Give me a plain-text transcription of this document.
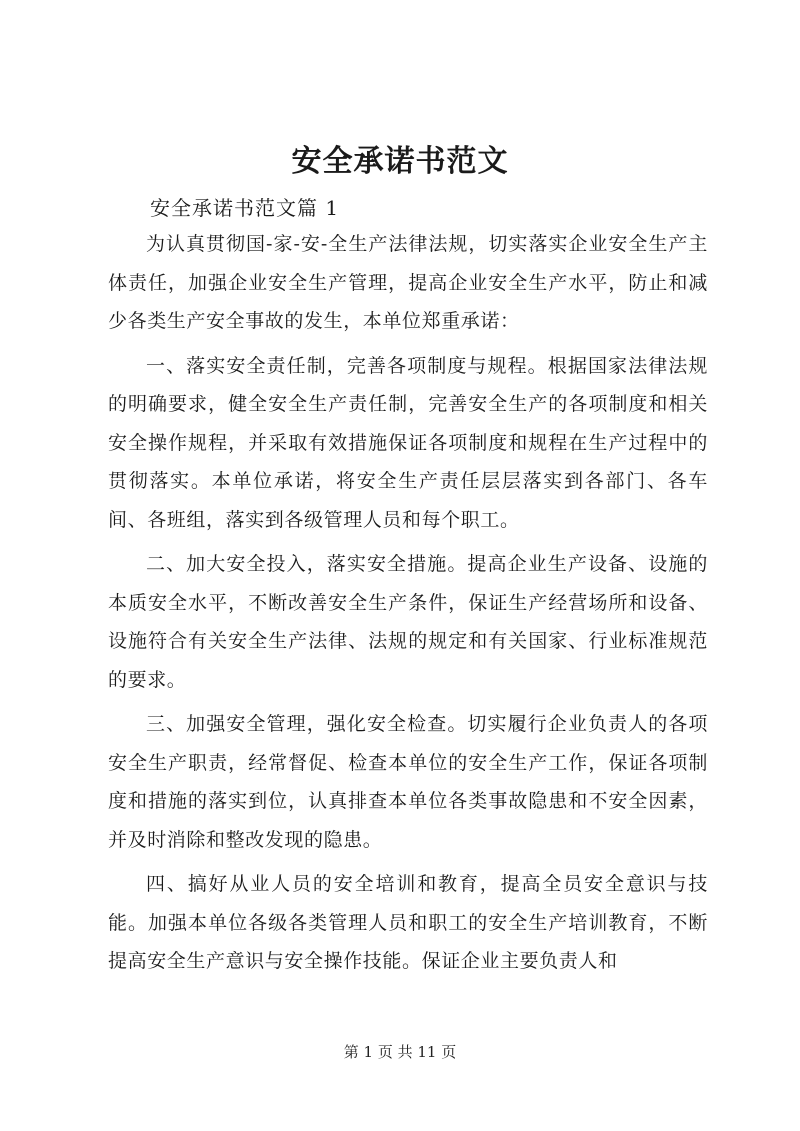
安全承诺书范文
安全承诺书范文篇 1

为认真贯彻国-家-安-全生产法律法规，切实落实企业安全生产主体责任，加强企业安全生产管理，提高企业安全生产水平，防止和减少各类生产安全事故的发生，本单位郑重承诺：

一、落实安全责任制，完善各项制度与规程。根据国家法律法规的明确要求，健全安全生产责任制，完善安全生产的各项制度和相关安全操作规程，并采取有效措施保证各项制度和规程在生产过程中的贯彻落实。本单位承诺，将安全生产责任层层落实到各部门、各车间、各班组，落实到各级管理人员和每个职工。

二、加大安全投入，落实安全措施。提高企业生产设备、设施的本质安全水平，不断改善安全生产条件，保证生产经营场所和设备、设施符合有关安全生产法律、法规的规定和有关国家、行业标准规范的要求。

三、加强安全管理，强化安全检查。切实履行企业负责人的各项安全生产职责，经常督促、检查本单位的安全生产工作，保证各项制度和措施的落实到位，认真排查本单位各类事故隐患和不安全因素，并及时消除和整改发现的隐患。

四、搞好从业人员的安全培训和教育，提高全员安全意识与技能。加强本单位各级各类管理人员和职工的安全生产培训教育，不断提高安全生产意识与安全操作技能。保证企业主要负责人和

第 1 页 共 11 页
